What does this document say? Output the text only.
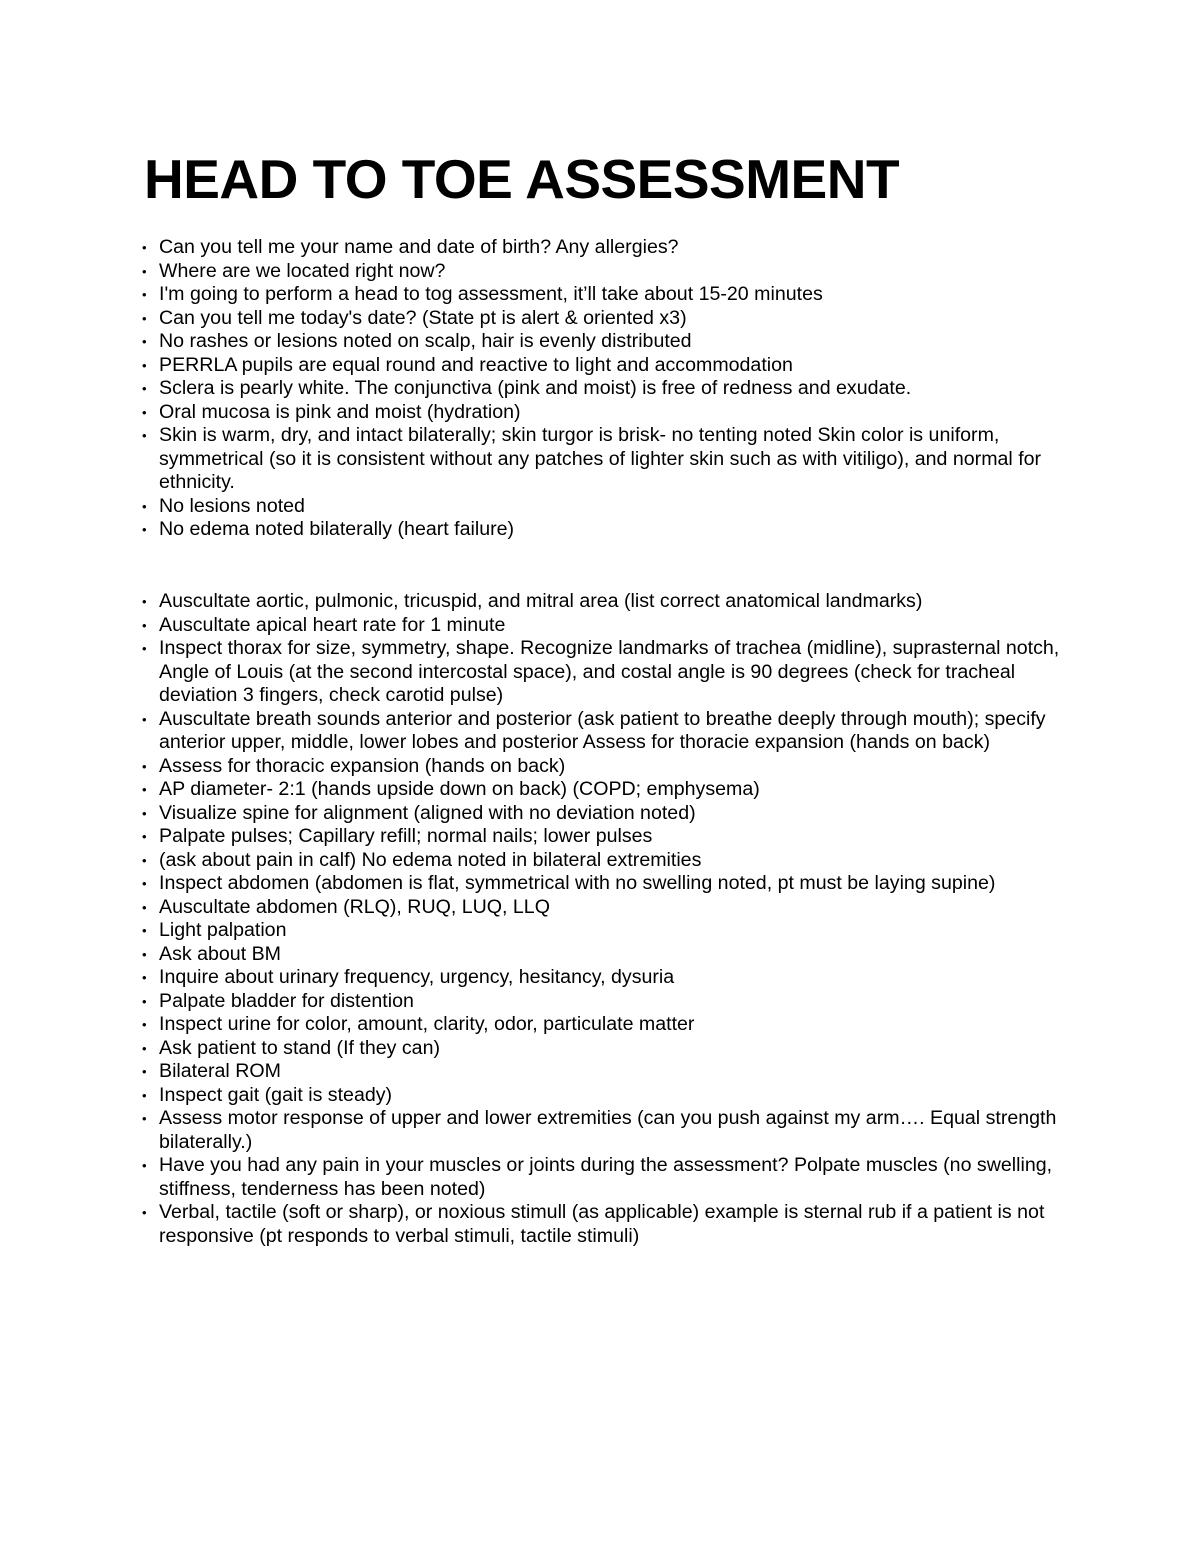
HEAD TO TOE ASSESSMENT
• Can you tell me your name and date of birth? Any allergies?
• Where are we located right now?
• I'm going to perform a head to tog assessment, it’ll take about 15-20 minutes
• Can you tell me today's date? (State pt is alert & oriented x3)
• No rashes or lesions noted on scalp, hair is evenly distributed
• PERRLA pupils are equal round and reactive to light and accommodation
• Sclera is pearly white. The conjunctiva (pink and moist) is free of redness and exudate.
• Oral mucosa is pink and moist (hydration)
• Skin is warm, dry, and intact bilaterally; skin turgor is brisk- no tenting noted Skin color is uniform, symmetrical (so it is consistent without any patches of lighter skin such as with vitiligo), and normal for ethnicity.
• No lesions noted
• No edema noted bilaterally (heart failure)
• Auscultate aortic, pulmonic, tricuspid, and mitral area (list correct anatomical landmarks)
• Auscultate apical heart rate for 1 minute
• Inspect thorax for size, symmetry, shape. Recognize landmarks of trachea (midline), suprasternal notch, Angle of Louis (at the second intercostal space), and costal angle is 90 degrees (check for tracheal deviation 3 fingers, check carotid pulse)
• Auscultate breath sounds anterior and posterior (ask patient to breathe deeply through mouth); specify anterior upper, middle, lower lobes and posterior Assess for thoracie expansion (hands on back)
• Assess for thoracic expansion (hands on back)
• AP diameter- 2:1 (hands upside down on back) (COPD; emphysema)
• Visualize spine for alignment (aligned with no deviation noted)
• Palpate pulses; Capillary refill; normal nails; lower pulses
• (ask about pain in calf) No edema noted in bilateral extremities
• Inspect abdomen (abdomen is flat, symmetrical with no swelling noted, pt must be laying supine)
• Auscultate abdomen (RLQ), RUQ, LUQ, LLQ
• Light palpation
• Ask about BM
• Inquire about urinary frequency, urgency, hesitancy, dysuria
• Palpate bladder for distention
• Inspect urine for color, amount, clarity, odor, particulate matter
• Ask patient to stand (If they can)
• Bilateral ROM
• Inspect gait (gait is steady)
• Assess motor response of upper and lower extremities (can you push against my arm…. Equal strength bilaterally.)
• Have you had any pain in your muscles or joints during the assessment? Polpate muscles (no swelling, stiffness, tenderness has been noted)
• Verbal, tactile (soft or sharp), or noxious stimull (as applicable) example is sternal rub if a patient is not responsive (pt responds to verbal stimuli, tactile stimuli)
